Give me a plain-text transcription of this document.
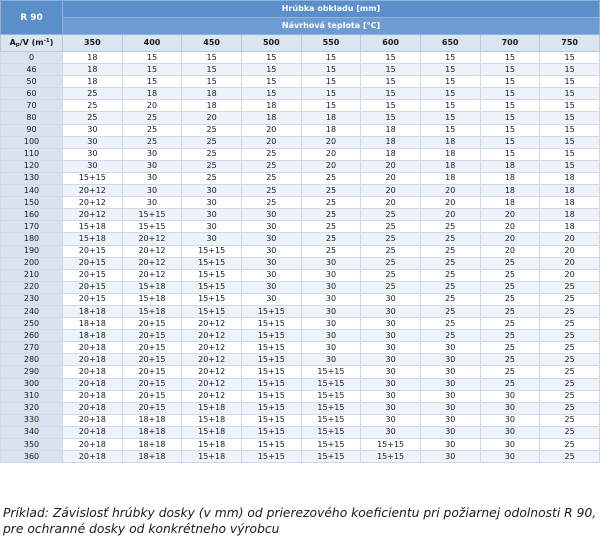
R 90	Hrúbka obkladu [mm]								
	Návrhová teplota [°C]								
$A_p/V$ $(m^{-1})$	350	400	450	500	550	600	650	700	750
0	18	15	15	15	15	15	15	15	15
46	18	15	15	15	15	15	15	15	15
50	18	15	15	15	15	15	15	15	15
60	25	18	18	15	15	15	15	15	15
70	25	20	18	18	15	15	15	15	15
80	25	25	20	18	18	15	15	15	15
90	30	25	25	20	18	18	15	15	15
100	30	25	25	20	20	18	18	15	15
110	30	30	25	25	20	18	18	15	15
120	30	30	25	25	20	20	18	18	15
130	15+15	30	25	25	25	20	18	18	18
140	20+12	30	30	25	25	20	20	18	18
150	20+12	30	30	25	25	20	20	18	18
160	20+12	15+15	30	30	25	25	20	20	18
170	15+18	15+15	30	30	25	25	25	20	18
180	15+18	20+12	30	30	25	25	25	20	20
190	20+15	20+12	15+15	30	25	25	25	20	20
200	20+15	20+12	15+15	30	30	25	25	25	20
210	20+15	20+12	15+15	30	30	25	25	25	20
220	20+15	15+18	15+15	30	30	25	25	25	25
230	20+15	15+18	15+15	30	30	30	25	25	25
240	18+18	15+18	15+15	15+15	30	30	25	25	25
250	18+18	20+15	20+12	15+15	30	30	25	25	25
260	18+18	20+15	20+12	15+15	30	30	25	25	25
270	20+18	20+15	20+12	15+15	30	30	30	25	25
280	20+18	20+15	20+12	15+15	30	30	30	25	25
290	20+18	20+15	20+12	15+15	15+15	30	30	25	25
300	20+18	20+15	20+12	15+15	15+15	30	30	25	25
310	20+18	20+15	20+12	15+15	15+15	30	30	30	25
320	20+18	20+15	15+18	15+15	15+15	30	30	30	25
330	20+18	18+18	15+18	15+15	15+15	30	30	30	25
340	20+18	18+18	15+18	15+15	15+15	30	30	30	25
350	20+18	18+18	15+18	15+15	15+15	15+15	30	30	25
360	20+18	18+18	15+18	15+15	15+15	15+15	30	30	25
Príklad: Závislosť hrúbky dosky (v mm) od prierezového koeficientu pri požiarnej odolnosti R 90,
pre ochranné dosky od konkrétneho výrobcu
